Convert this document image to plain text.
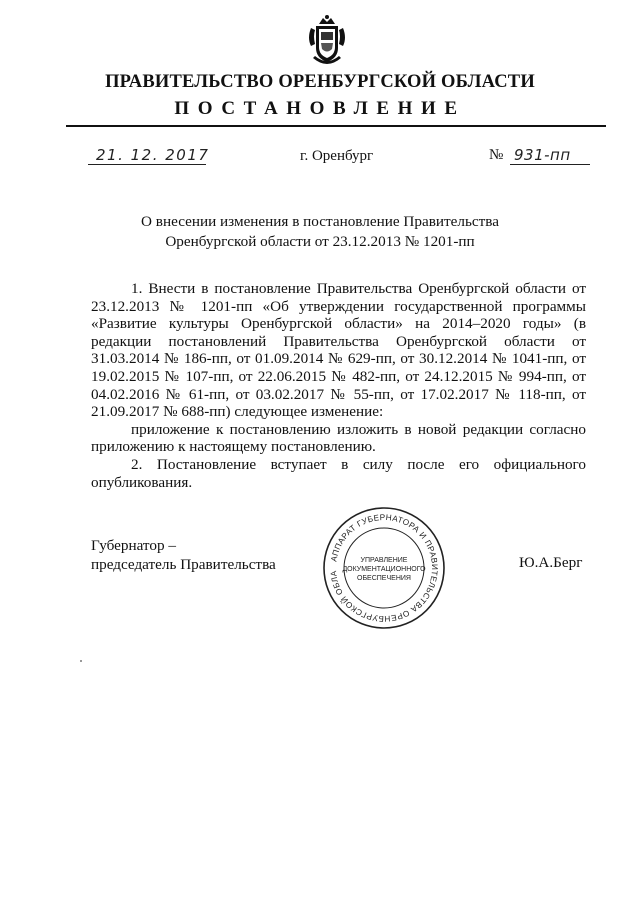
ПРАВИТЕЛЬСТВО ОРЕНБУРГСКОЙ ОБЛАСТИ
ПОСТАНОВЛЕНИЕ
21. 12. 2017	г. Оренбург	№ 931-пп
О внесении изменения в постановление Правительства
Оренбургской области от 23.12.2013 № 1201-пп

1. Внести в постановление Правительства Оренбургской области от 23.12.2013 № 1201-пп «Об утверждении государственной программы «Развитие культуры Оренбургской области» на 2014–2020 годы» (в редакции постановлений Правительства Оренбургской области от 31.03.2014 № 186-пп, от 01.09.2014 № 629-пп, от 30.12.2014 № 1041-пп, от 19.02.2015 № 107-пп, от 22.06.2015 № 482-пп, от 24.12.2015 № 994-пп, от 04.02.2016 № 61-пп, от 03.02.2017 № 55-пп, от 17.02.2017 № 118-пп, от 21.09.2017 № 688-пп) следующее изменение:

приложение к постановлению изложить в новой редакции согласно приложению к настоящему постановлению.

2. Постановление вступает в силу после его официального опубликования.

Губернатор –
председатель Правительства	Ю.А.Берг
АППАРАТ ГУБЕРНАТОРА И ПРАВИТЕЛЬСТВА ОРЕНБУРГСКОЙ ОБЛА
УПРАВЛЕНИЕ
ДОКУМЕНТАЦИОННОГО
ОБЕСПЕЧЕНИЯ
